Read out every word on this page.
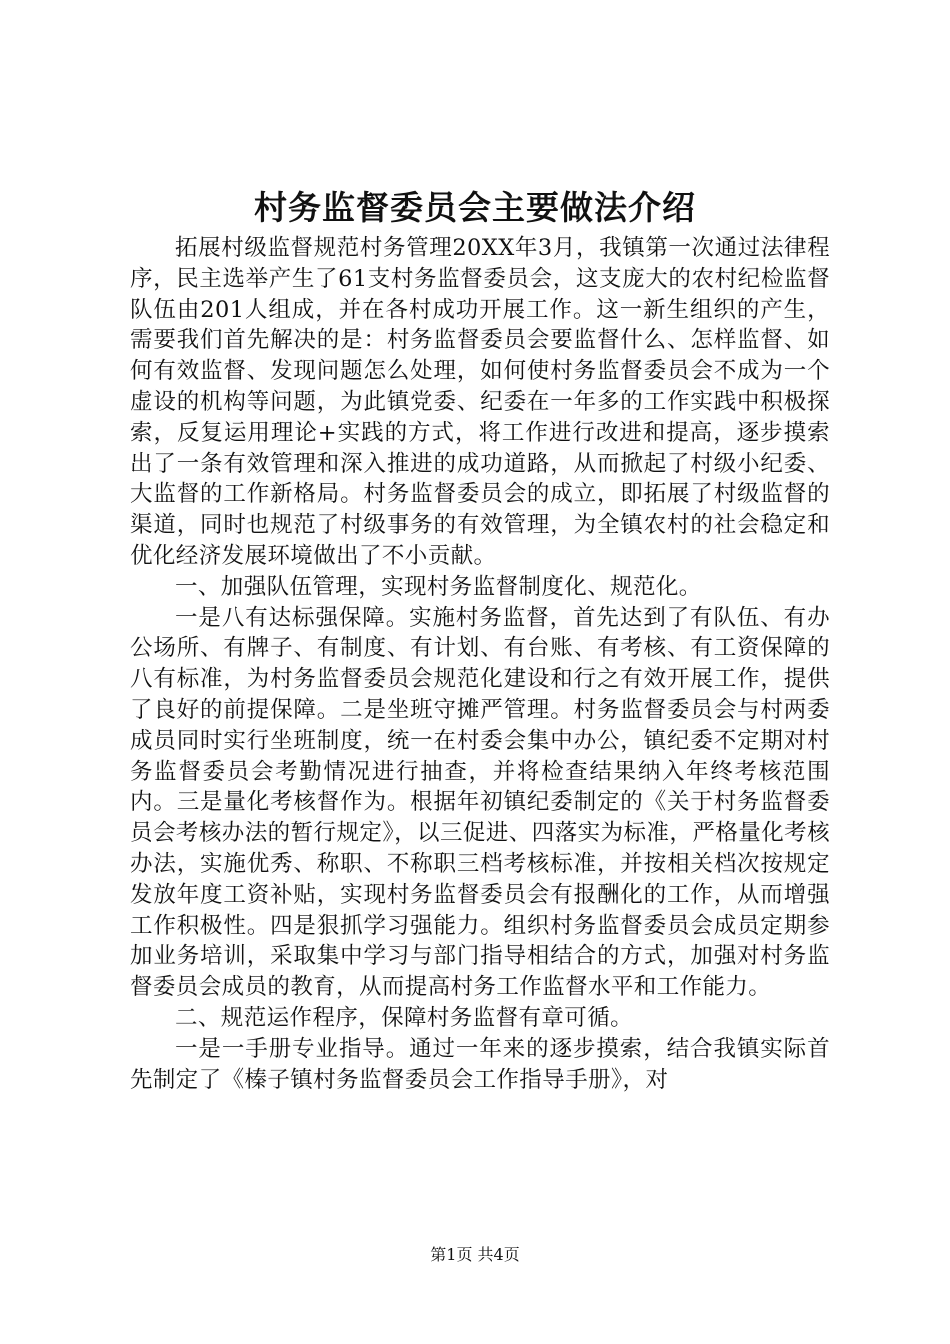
村务监督委员会主要做法介绍

拓展村级监督规范村务管理20XX年3月，我镇第一次通过法律程序，民主选举产生了61支村务监督委员会，这支庞大的农村纪检监督队伍由201人组成，并在各村成功开展工作。这一新生组织的产生，需要我们首先解决的是：村务监督委员会要监督什么、怎样监督、如何有效监督、发现问题怎么处理，如何使村务监督委员会不成为一个虚设的机构等问题，为此镇党委、纪委在一年多的工作实践中积极探索，反复运用理论+实践的方式，将工作进行改进和提高，逐步摸索出了一条有效管理和深入推进的成功道路，从而掀起了村级小纪委、大监督的工作新格局。村务监督委员会的成立，即拓展了村级监督的渠道，同时也规范了村级事务的有效管理，为全镇农村的社会稳定和优化经济发展环境做出了不小贡献。

一、加强队伍管理，实现村务监督制度化、规范化。

一是八有达标强保障。实施村务监督，首先达到了有队伍、有办公场所、有牌子、有制度、有计划、有台账、有考核、有工资保障的八有标准，为村务监督委员会规范化建设和行之有效开展工作，提供了良好的前提保障。二是坐班守摊严管理。村务监督委员会与村两委成员同时实行坐班制度，统一在村委会集中办公，镇纪委不定期对村务监督委员会考勤情况进行抽查，并将检查结果纳入年终考核范围内。三是量化考核督作为。根据年初镇纪委制定的《关于村务监督委员会考核办法的暂行规定》，以三促进、四落实为标准，严格量化考核办法，实施优秀、称职、不称职三档考核标准，并按相关档次按规定发放年度工资补贴，实现村务监督委员会有报酬化的工作，从而增强工作积极性。四是狠抓学习强能力。组织村务监督委员会成员定期参加业务培训，采取集中学习与部门指导相结合的方式，加强对村务监督委员会成员的教育，从而提高村务工作监督水平和工作能力。

二、规范运作程序，保障村务监督有章可循。

一是一手册专业指导。通过一年来的逐步摸索，结合我镇实际首先制定了《榛子镇村务监督委员会工作指导手册》，对

第1页 共4页
